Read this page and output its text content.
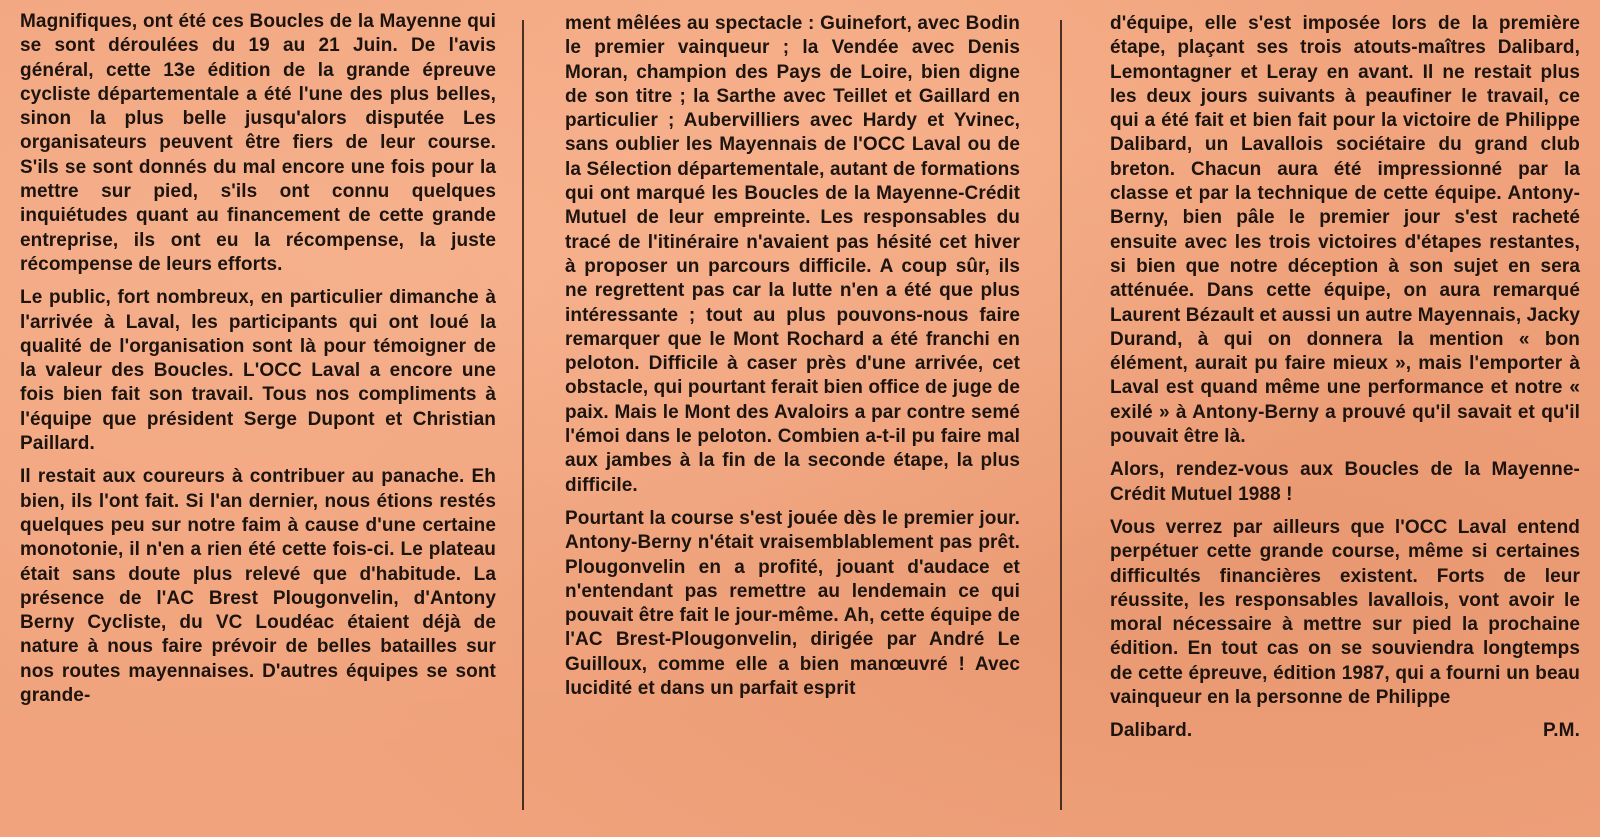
Magnifiques, ont été ces Boucles de la Mayenne qui se sont déroulées du 19 au 21 Juin. De l'avis général, cette 13e édition de la grande épreuve cycliste départementale a été l'une des plus belles, sinon la plus belle jusqu'alors disputée Les organisateurs peuvent être fiers de leur course. S'ils se sont donnés du mal encore une fois pour la mettre sur pied, s'ils ont connu quelques inquiétudes quant au financement de cette grande entreprise, ils ont eu la récompense, la juste récompense de leurs efforts.

Le public, fort nombreux, en particulier dimanche à l'arrivée à Laval, les participants qui ont loué la qualité de l'organisation sont là pour témoigner de la valeur des Boucles. L'OCC Laval a encore une fois bien fait son travail. Tous nos compliments à l'équipe que président Serge Dupont et Christian Paillard.

Il restait aux coureurs à contribuer au panache. Eh bien, ils l'ont fait. Si l'an dernier, nous étions restés quelques peu sur notre faim à cause d'une certaine monotonie, il n'en a rien été cette fois-ci. Le plateau était sans doute plus relevé que d'habitude. La présence de l'AC Brest Plougonvelin, d'Antony Berny Cycliste, du VC Loudéac étaient déjà de nature à nous faire prévoir de belles batailles sur nos routes mayennaises. D'autres équipes se sont grande-

ment mêlées au spectacle : Guinefort, avec Bodin le premier vainqueur ; la Vendée avec Denis Moran, champion des Pays de Loire, bien digne de son titre ; la Sarthe avec Teillet et Gaillard en particulier ; Aubervilliers avec Hardy et Yvinec, sans oublier les Mayennais de l'OCC Laval ou de la Sélection départementale, autant de formations qui ont marqué les Boucles de la Mayenne-Crédit Mutuel de leur empreinte. Les responsables du tracé de l'itinéraire n'avaient pas hésité cet hiver à proposer un parcours difficile. A coup sûr, ils ne regrettent pas car la lutte n'en a été que plus intéressante ; tout au plus pouvons-nous faire remarquer que le Mont Rochard a été franchi en peloton. Difficile à caser près d'une arrivée, cet obstacle, qui pourtant ferait bien office de juge de paix. Mais le Mont des Avaloirs a par contre semé l'émoi dans le peloton. Combien a-t-il pu faire mal aux jambes à la fin de la seconde étape, la plus difficile.

Pourtant la course s'est jouée dès le premier jour. Antony-Berny n'était vraisemblablement pas prêt. Plougonvelin en a profité, jouant d'audace et n'entendant pas remettre au lendemain ce qui pouvait être fait le jour-même. Ah, cette équipe de l'AC Brest-Plougonvelin, dirigée par André Le Guilloux, comme elle a bien manœuvré ! Avec lucidité et dans un parfait esprit

d'équipe, elle s'est imposée lors de la première étape, plaçant ses trois atouts-maîtres Dalibard, Lemontagner et Leray en avant. Il ne restait plus les deux jours suivants à peaufiner le travail, ce qui a été fait et bien fait pour la victoire de Philippe Dalibard, un Lavallois sociétaire du grand club breton. Chacun aura été impressionné par la classe et par la technique de cette équipe. Antony-Berny, bien pâle le premier jour s'est racheté ensuite avec les trois victoires d'étapes restantes, si bien que notre déception à son sujet en sera atténuée. Dans cette équipe, on aura remarqué Laurent Bézault et aussi un autre Mayennais, Jacky Durand, à qui on donnera la mention « bon élément, aurait pu faire mieux », mais l'emporter à Laval est quand même une performance et notre « exilé » à Antony-Berny a prouvé qu'il savait et qu'il pouvait être là.

Alors, rendez-vous aux Boucles de la Mayenne-Crédit Mutuel 1988 !

Vous verrez par ailleurs que l'OCC Laval entend perpétuer cette grande course, même si certaines difficultés financières existent. Forts de leur réussite, les responsables lavallois, vont avoir le moral nécessaire à mettre sur pied la prochaine édition. En tout cas on se souviendra longtemps de cette épreuve, édition 1987, qui a fourni un beau vainqueur en la personne de Philippe

Dalibard.	P.M.
